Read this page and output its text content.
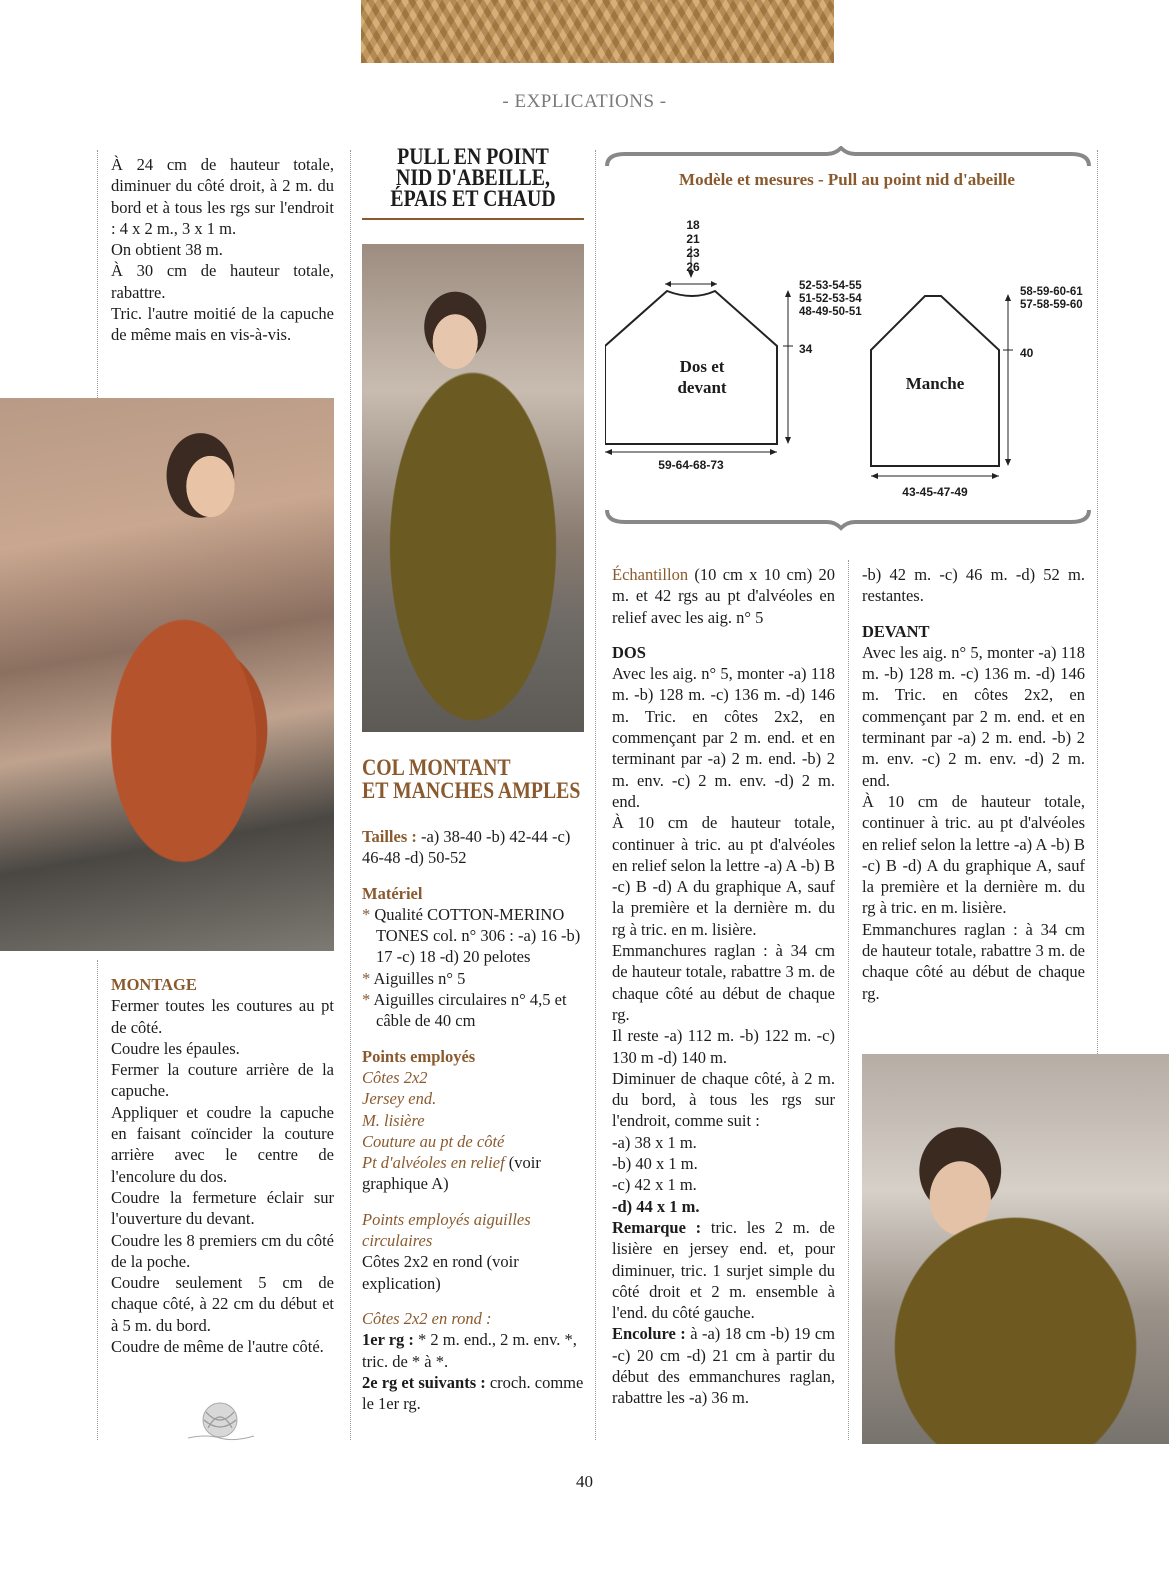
- EXPLICATIONS -

À 24 cm de hauteur totale, diminuer du côté droit, à 2 m. du bord et à tous les rgs sur l'endroit : 4 x 2 m., 3 x 1 m.

On obtient 38 m.

À 30 cm de hauteur totale, rabattre.

Tric. l'autre moitié de la capuche de même mais en vis-à-vis.

MONTAGE

Fermer toutes les coutures au pt de côté.

Coudre les épaules.

Fermer la couture arrière de la capuche.

Appliquer et coudre la capuche en faisant coïncider la couture arrière avec le centre de l'encolure du dos.

Coudre la fermeture éclair sur l'ouverture du devant.

Coudre les 8 premiers cm du côté de la poche.

Coudre seulement 5 cm de chaque côté, à 22 cm du début et à 5 m. du bord.

Coudre de même de l'autre côté.

PULL EN POINT
NID D'ABEILLE,
ÉPAIS ET CHAUD
COL MONTANT
ET MANCHES AMPLES

Tailles : -a) 38-40 -b) 42-44 -c) 46-48 -d) 50-52

Matériel

* Qualité COTTON-MERINO TONES col. n° 306 : -a) 16 -b) 17 -c) 18 -d) 20 pelotes

* Aiguilles n° 5

* Aiguilles circulaires n° 4,5 et câble de 40 cm

Points employés

Côtes 2x2

Jersey end.

M. lisière

Couture au pt de côté

Pt d'alvéoles en relief (voir graphique A)

Points employés aiguilles circulaires

Côtes 2x2 en rond (voir explication)

Côtes 2x2 en rond :

1er rg : * 2 m. end., 2 m. env. *, tric. de * à *.

2e rg et suivants : croch. comme le 1er rg.

Modèle et mesures - Pull au point nid d'abeille
18
21
23
26
52-53-54-55
51-52-53-54
48-49-50-51
34
Dos et
devant
59-64-68-73
58-59-60-61
57-58-59-60
40
Manche
43-45-47-49

Échantillon (10 cm x 10 cm) 20 m. et 42 rgs au pt d'alvéoles en relief avec les aig. n° 5

DOS

Avec les aig. n° 5, monter -a) 118 m. -b) 128 m. -c) 136 m. -d) 146 m. Tric. en côtes 2x2, en commençant par 2 m. end. et en terminant par -a) 2 m. end. -b) 2 m. env. -c) 2 m. env. -d) 2 m. end.

À 10 cm de hauteur totale, continuer à tric. au pt d'alvéoles en relief selon la lettre -a) A -b) B -c) B -d) A du graphique A, sauf la première et la dernière m. du rg à tric. en m. lisière.

Emmanchures raglan : à 34 cm de hauteur totale, rabattre 3 m. de chaque côté au début de chaque rg.

Il reste -a) 112 m. -b) 122 m. -c) 130 m -d) 140 m.

Diminuer de chaque côté, à 2 m. du bord, à tous les rgs sur l'endroit, comme suit :

-a) 38 x 1 m.

-b) 40 x 1 m.

-c) 42 x 1 m.

-d) 44 x 1 m.

Remarque : tric. les 2 m. de lisière en jersey end. et, pour diminuer, tric. 1 surjet simple du côté droit et 2 m. ensemble à l'end. du côté gauche.

Encolure : à -a) 18 cm -b) 19 cm -c) 20 cm -d) 21 cm à partir du début des emmanchures raglan, rabattre les -a) 36 m.

-b) 42 m. -c) 46 m. -d) 52 m. restantes.

DEVANT

Avec les aig. n° 5, monter -a) 118 m. -b) 128 m. -c) 136 m. -d) 146 m. Tric. en côtes 2x2, en commençant par 2 m. end. et en terminant par -a) 2 m. end. -b) 2 m. env. -c) 2 m. env. -d) 2 m. end.

À 10 cm de hauteur totale, continuer à tric. au pt d'alvéoles en relief selon la lettre -a) A -b) B -c) B -d) A du graphique A, sauf la première et la dernière m. du rg à tric. en m. lisière.

Emmanchures raglan : à 34 cm de hauteur totale, rabattre 3 m. de chaque côté au début de chaque rg.

40
